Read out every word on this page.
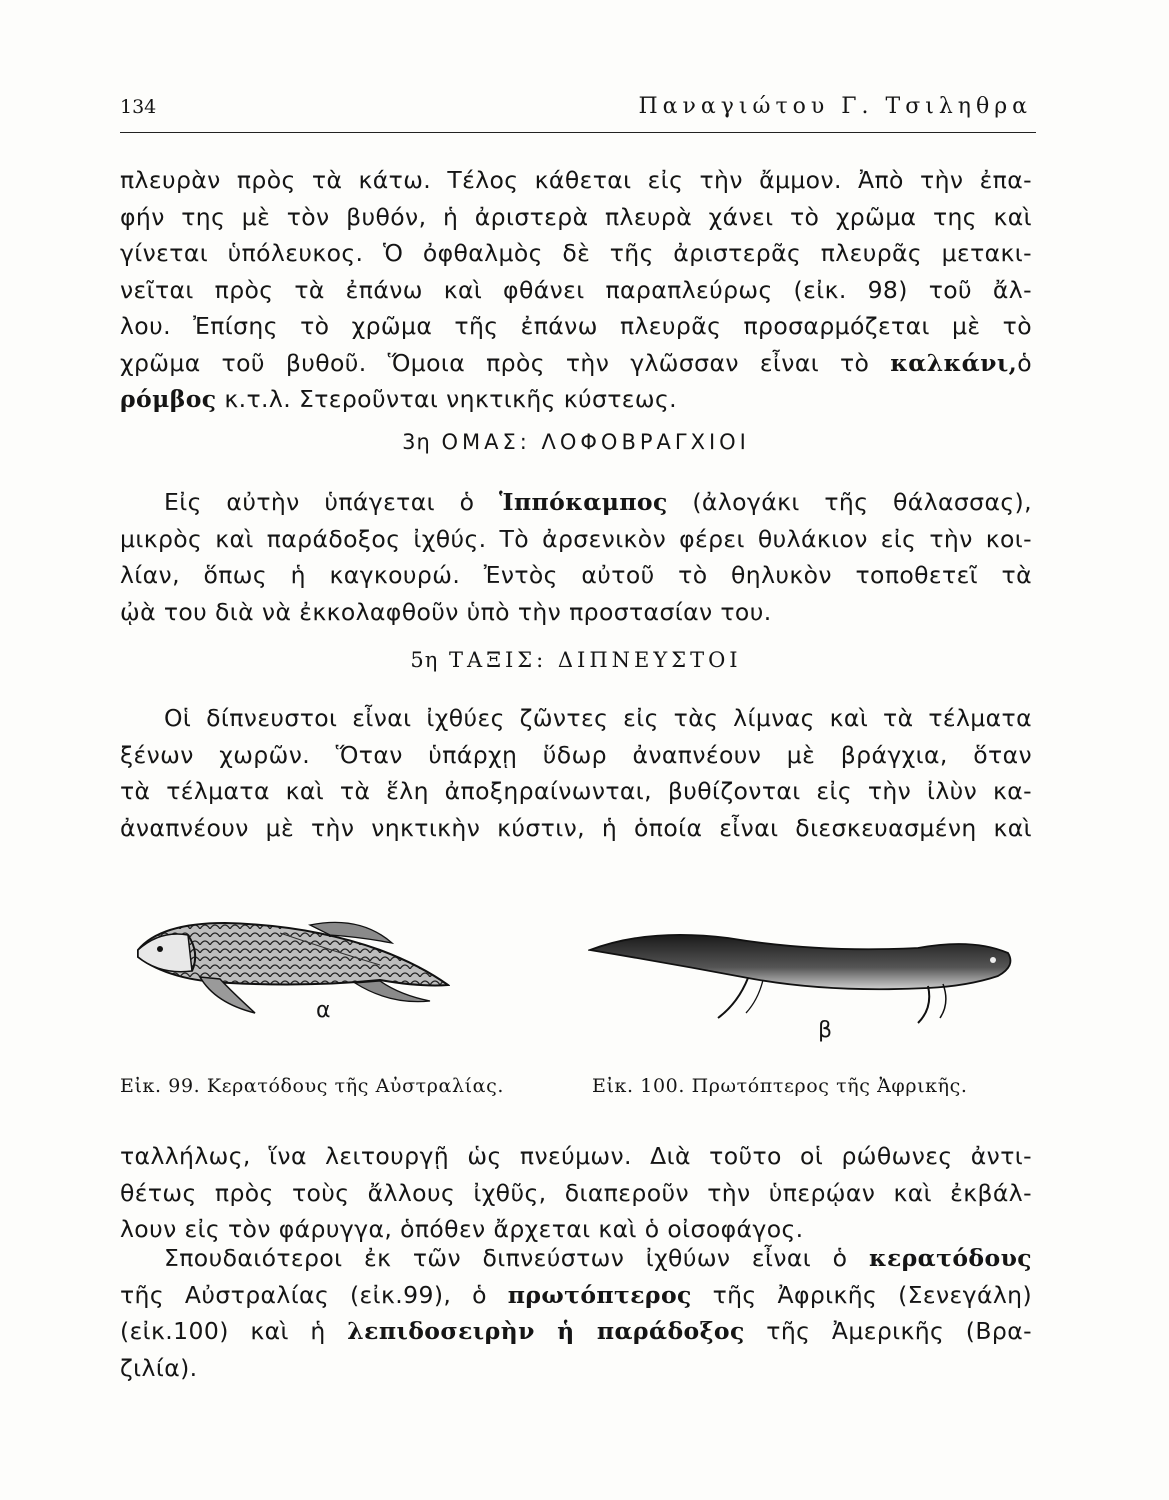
134	Παναγιώτου Γ. Τσιληθρα
πλευρὰν πρὸς τὰ κάτω. Τέλος κάθεται εἰς τὴν ἄμμον. Ἀπὸ τὴν ἐπα-
φήν της μὲ τὸν βυθόν, ἡ ἀριστερὰ πλευρὰ χάνει τὸ χρῶμα της καὶ
γίνεται ὑπόλευκος. Ὁ ὀφθαλμὸς δὲ τῆς ἀριστερᾶς πλευρᾶς μετακι-
νεῖται πρὸς τὰ ἐπάνω καὶ φθάνει παραπλεύρως (εἰκ. 98) τοῦ ἄλ-
λου. Ἐπίσης τὸ χρῶμα τῆς ἐπάνω πλευρᾶς προσαρμόζεται μὲ τὸ
χρῶμα τοῦ βυθοῦ. Ὅμοια πρὸς τὴν γλῶσσαν εἶναι τὸ καλκάνι,ὁ
ρόμβος κ.τ.λ. Στεροῦνται νηκτικῆς κύστεως.
3η ΟΜΑΣ: ΛΟΦΟΒΡΑΓΧΙΟΙ
Εἰς αὐτὴν ὑπάγεται ὁ Ἱππόκαμπος (ἀλογάκι τῆς θάλασσας),
μικρὸς καὶ παράδοξος ἰχθύς. Τὸ ἀρσενικὸν φέρει θυλάκιον εἰς τὴν κοι-
λίαν, ὅπως ἡ καγκουρώ. Ἐντὸς αὐτοῦ τὸ θηλυκὸν τοποθετεῖ τὰ
ᾠὰ του διὰ νὰ ἐκκολαφθοῦν ὑπὸ τὴν προστασίαν του.
5η ΤΑΞΙΣ: ΔΙΠΝΕΥΣΤΟΙ
Οἱ δίπνευστοι εἶναι ἰχθύες ζῶντες εἰς τὰς λίμνας καὶ τὰ τέλματα
ξένων χωρῶν. Ὅταν ὑπάρχῃ ὕδωρ ἀναπνέουν μὲ βράγχια, ὅταν
τὰ τέλματα καὶ τὰ ἕλη ἀποξηραίνωνται, βυθίζονται εἰς τὴν ἰλὺν κα-
ἀναπνέουν μὲ τὴν νηκτικὴν κύστιν, ἡ ὁποία εἶναι διεσκευασμένη καὶ
α
β
Εἰκ. 99. Κερατόδους τῆς Αὐστραλίας.	Εἰκ. 100. Πρωτόπτερος τῆς Ἀφρικῆς.
ταλλήλως, ἵνα λειτουργῇ ὡς πνεύμων. Διὰ τοῦτο οἱ ρώθωνες ἀντι-
θέτως πρὸς τοὺς ἄλλους ἰχθῦς, διαπεροῦν τὴν ὑπερῴαν καὶ ἐκβάλ-
λουν εἰς τὸν φάρυγγα, ὁπόθεν ἄρχεται καὶ ὁ οἰσοφάγος.
Σπουδαιότεροι ἐκ τῶν διπνεύστων ἰχθύων εἶναι ὁ κερατόδους
τῆς Αὐστραλίας (εἰκ.99), ὁ πρωτόπτερος τῆς Ἀφρικῆς (Σενεγάλη)
(εἰκ.100) καὶ ἡ λεπιδοσειρὴν ἡ παράδοξος τῆς Ἀμερικῆς (Βρα-
ζιλία).
